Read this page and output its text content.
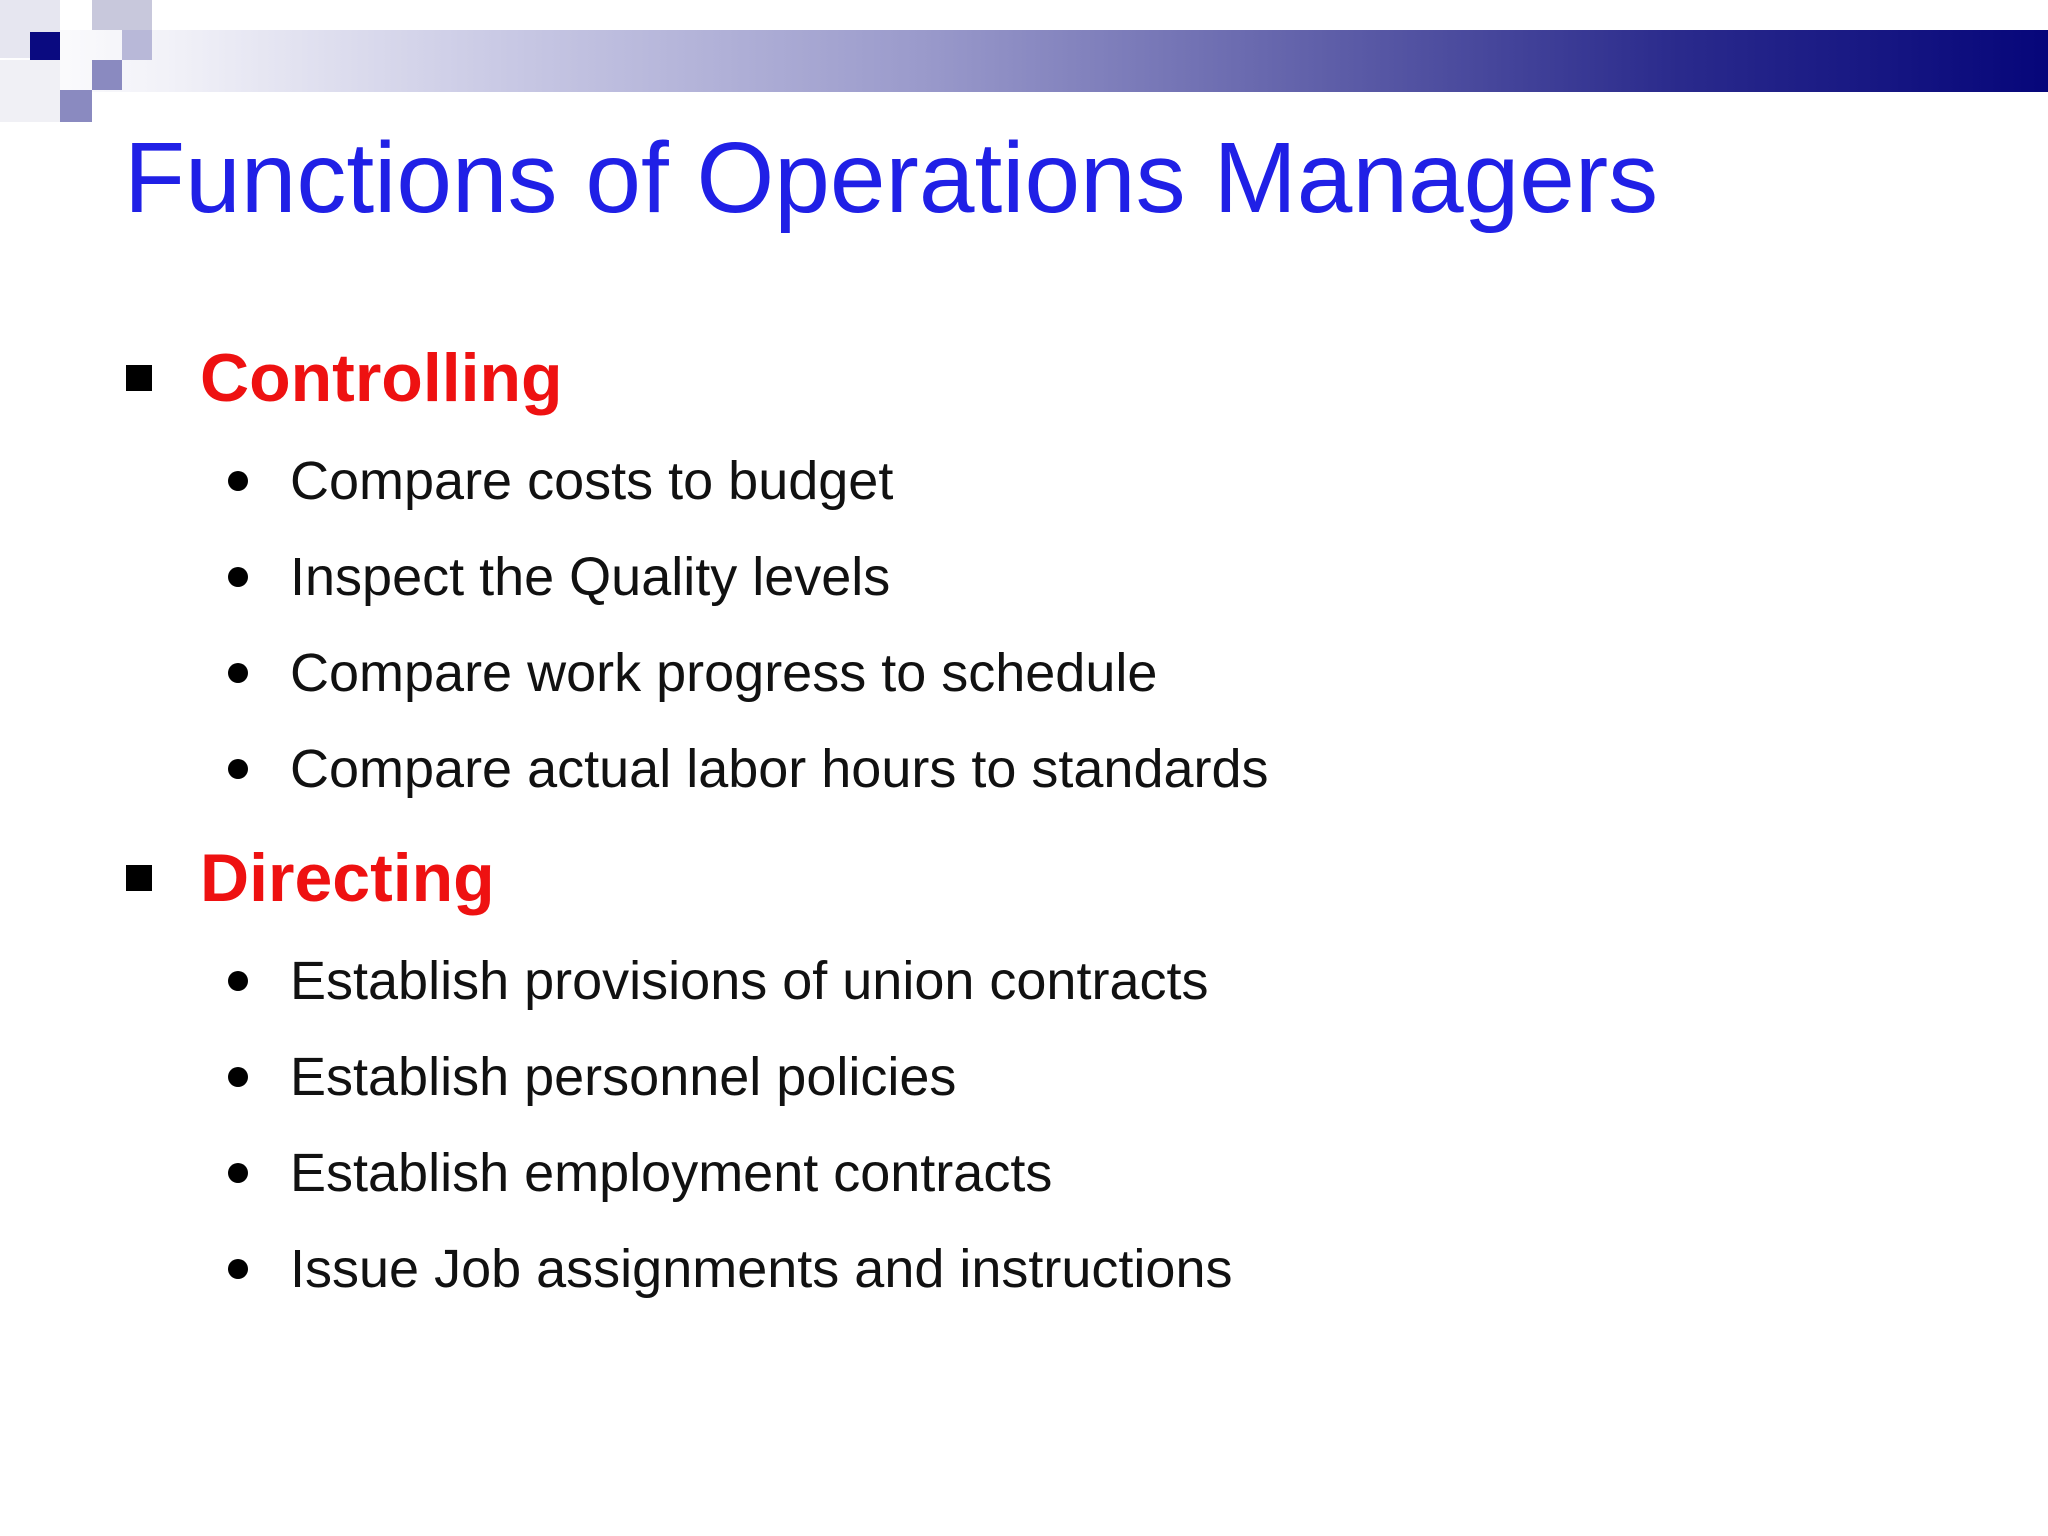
Functions of Operations Managers
Controlling
Compare costs to budget
Inspect the Quality levels
Compare work progress to schedule
Compare actual labor hours to standards
Directing
Establish provisions of union contracts
Establish personnel policies
Establish employment contracts
Issue Job assignments and instructions
